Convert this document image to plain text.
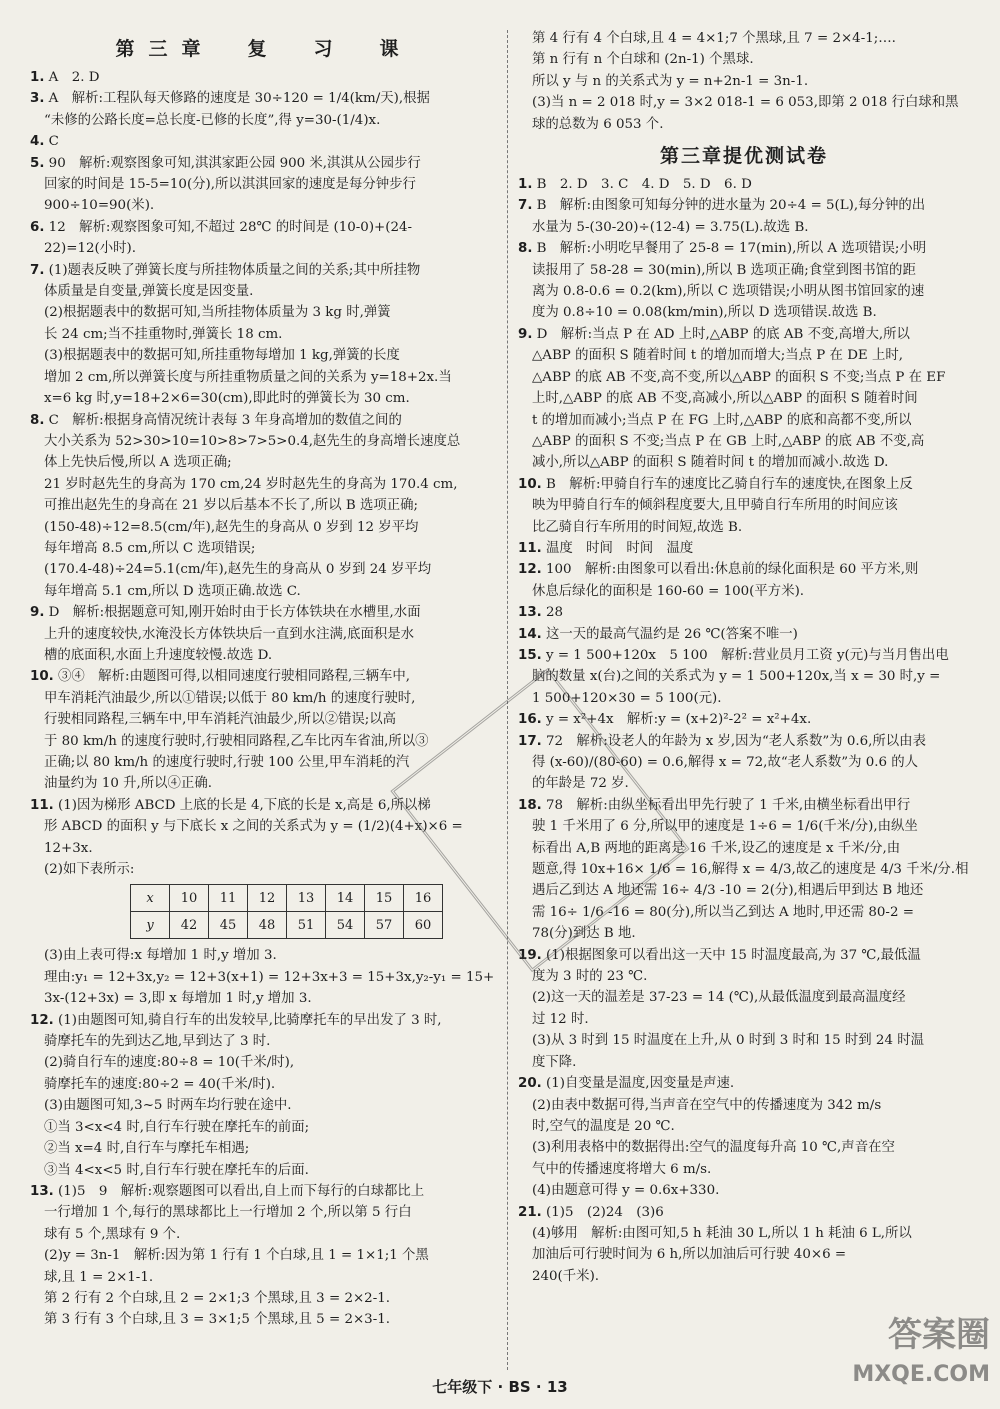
第三章　复　习　课
1. A　2. D
3. A　解析:工程队每天修路的速度是 30÷120 = 1/4(km/天),根据
“未修的公路长度=总长度-已修的长度”,得 y=30-(1/4)x.
4. C
5. 90　解析:观察图象可知,淇淇家距公园 900 米,淇淇从公园步行
回家的时间是 15-5=10(分),所以淇淇回家的速度是每分钟步行
900÷10=90(米).
6. 12　解析:观察图象可知,不超过 28℃ 的时间是 (10-0)+(24-
22)=12(小时).
7. (1)题表反映了弹簧长度与所挂物体质量之间的关系;其中所挂物
体质量是自变量,弹簧长度是因变量.
(2)根据题表中的数据可知,当所挂物体质量为 3 kg 时,弹簧
长 24 cm;当不挂重物时,弹簧长 18 cm.
(3)根据题表中的数据可知,所挂重物每增加 1 kg,弹簧的长度
增加 2 cm,所以弹簧长度与所挂重物质量之间的关系为 y=18+2x.当
x=6 kg 时,y=18+2×6=30(cm),即此时的弹簧长为 30 cm.
8. C　解析:根据身高情况统计表每 3 年身高增加的数值之间的
大小关系为 52>30>10=10>8>7>5>0.4,赵先生的身高增长速度总
体上先快后慢,所以 A 选项正确;
21 岁时赵先生的身高为 170 cm,24 岁时赵先生的身高为 170.4 cm,
可推出赵先生的身高在 21 岁以后基本不长了,所以 B 选项正确;
(150-48)÷12=8.5(cm/年),赵先生的身高从 0 岁到 12 岁平均
每年增高 8.5 cm,所以 C 选项错误;
(170.4-48)÷24=5.1(cm/年),赵先生的身高从 0 岁到 24 岁平均
每年增高 5.1 cm,所以 D 选项正确.故选 C.
9. D　解析:根据题意可知,刚开始时由于长方体铁块在水槽里,水面
上升的速度较快,水淹没长方体铁块后一直到水注满,底面积是水
槽的底面积,水面上升速度较慢.故选 D.
10. ③④　解析:由题图可得,以相同速度行驶相同路程,三辆车中,
甲车消耗汽油最少,所以①错误;以低于 80 km/h 的速度行驶时,
行驶相同路程,三辆车中,甲车消耗汽油最少,所以②错误;以高
于 80 km/h 的速度行驶时,行驶相同路程,乙车比丙车省油,所以③
正确;以 80 km/h 的速度行驶时,行驶 100 公里,甲车消耗的汽
油量约为 10 升,所以④正确.
11. (1)因为梯形 ABCD 上底的长是 4,下底的长是 x,高是 6,所以梯
形 ABCD 的面积 y 与下底长 x 之间的关系式为 y = (1/2)(4+x)×6 =
12+3x.
(2)如下表所示:
x	10	11	12	13	14	15	16
y	42	45	48	51	54	57	60
(3)由上表可得:x 每增加 1 时,y 增加 3.
理由:y₁ = 12+3x,y₂ = 12+3(x+1) = 12+3x+3 = 15+3x,y₂-y₁ = 15+
3x-(12+3x) = 3,即 x 每增加 1 时,y 增加 3.
12. (1)由题图可知,骑自行车的出发较早,比骑摩托车的早出发了 3 时,
骑摩托车的先到达乙地,早到达了 3 时.
(2)骑自行车的速度:80÷8 = 10(千米/时),
骑摩托车的速度:80÷2 = 40(千米/时).
(3)由题图可知,3~5 时两车均行驶在途中.
①当 3<x<4 时,自行车行驶在摩托车的前面;
②当 x=4 时,自行车与摩托车相遇;
③当 4<x<5 时,自行车行驶在摩托车的后面.
13. (1)5　9　解析:观察题图可以看出,自上而下每行的白球都比上
一行增加 1 个,每行的黑球都比上一行增加 2 个,所以第 5 行白
球有 5 个,黑球有 9 个.
(2)y = 3n-1　解析:因为第 1 行有 1 个白球,且 1 = 1×1;1 个黑
球,且 1 = 2×1-1.
第 2 行有 2 个白球,且 2 = 2×1;3 个黑球,且 3 = 2×2-1.
第 3 行有 3 个白球,且 3 = 3×1;5 个黑球,且 5 = 2×3-1.
第 4 行有 4 个白球,且 4 = 4×1;7 个黑球,且 7 = 2×4-1;….
第 n 行有 n 个白球和 (2n-1) 个黑球.
所以 y 与 n 的关系式为 y = n+2n-1 = 3n-1.
(3)当 n = 2 018 时,y = 3×2 018-1 = 6 053,即第 2 018 行白球和黑
球的总数为 6 053 个.
第三章提优测试卷
1. B　2. D　3. C　4. D　5. D　6. D
7. B　解析:由图象可知每分钟的进水量为 20÷4 = 5(L),每分钟的出
水量为 5-(30-20)÷(12-4) = 3.75(L).故选 B.
8. B　解析:小明吃早餐用了 25-8 = 17(min),所以 A 选项错误;小明
读报用了 58-28 = 30(min),所以 B 选项正确;食堂到图书馆的距
离为 0.8-0.6 = 0.2(km),所以 C 选项错误;小明从图书馆回家的速
度为 0.8÷10 = 0.08(km/min),所以 D 选项错误.故选 B.
9. D　解析:当点 P 在 AD 上时,△ABP 的底 AB 不变,高增大,所以
△ABP 的面积 S 随着时间 t 的增加而增大;当点 P 在 DE 上时,
△ABP 的底 AB 不变,高不变,所以△ABP 的面积 S 不变;当点 P 在 EF
上时,△ABP 的底 AB 不变,高减小,所以△ABP 的面积 S 随着时间
t 的增加而减小;当点 P 在 FG 上时,△ABP 的底和高都不变,所以
△ABP 的面积 S 不变;当点 P 在 GB 上时,△ABP 的底 AB 不变,高
减小,所以△ABP 的面积 S 随着时间 t 的增加而减小.故选 D.
10. B　解析:甲骑自行车的速度比乙骑自行车的速度快,在图象上反
映为甲骑自行车的倾斜程度要大,且甲骑自行车所用的时间应该
比乙骑自行车所用的时间短,故选 B.
11. 温度　时间　时间　温度
12. 100　解析:由图象可以看出:休息前的绿化面积是 60 平方米,则
休息后绿化的面积是 160-60 = 100(平方米).
13. 28
14. 这一天的最高气温约是 26 ℃(答案不唯一)
15. y = 1 500+120x　5 100　解析:营业员月工资 y(元)与当月售出电
脑的数量 x(台)之间的关系式为 y = 1 500+120x,当 x = 30 时,y =
1 500+120×30 = 5 100(元).
16. y = x²+4x　解析:y = (x+2)²-2² = x²+4x.
17. 72　解析:设老人的年龄为 x 岁,因为“老人系数”为 0.6,所以由表
得 (x-60)/(80-60) = 0.6,解得 x = 72,故“老人系数”为 0.6 的人
的年龄是 72 岁.
18. 78　解析:由纵坐标看出甲先行驶了 1 千米,由横坐标看出甲行
驶 1 千米用了 6 分,所以甲的速度是 1÷6 = 1/6(千米/分),由纵坐
标看出 A,B 两地的距离是 16 千米,设乙的速度是 x 千米/分,由
题意,得 10x+16× 1/6 = 16,解得 x = 4/3,故乙的速度是 4/3 千米/分.相
遇后乙到达 A 地还需 16÷ 4/3 -10 = 2(分),相遇后甲到达 B 地还
需 16÷ 1/6 -16 = 80(分),所以当乙到达 A 地时,甲还需 80-2 =
78(分)到达 B 地.
19. (1)根据图象可以看出这一天中 15 时温度最高,为 37 ℃,最低温
度为 3 时的 23 ℃.
(2)这一天的温差是 37-23 = 14 (℃),从最低温度到最高温度经
过 12 时.
(3)从 3 时到 15 时温度在上升,从 0 时到 3 时和 15 时到 24 时温
度下降.
20. (1)自变量是温度,因变量是声速.
(2)由表中数据可得,当声音在空气中的传播速度为 342 m/s
时,空气的温度是 20 ℃.
(3)利用表格中的数据得出:空气的温度每升高 10 ℃,声音在空
气中的传播速度将增大 6 m/s.
(4)由题意可得 y = 0.6x+330.
21. (1)5　(2)24　(3)6
(4)够用　解析:由图可知,5 h 耗油 30 L,所以 1 h 耗油 6 L,所以
加油后可行驶时间为 6 h,所以加油后可行驶 40×6 =
240(千米).
答案圈
MXQE.COM
七年级下 · BS · 13
